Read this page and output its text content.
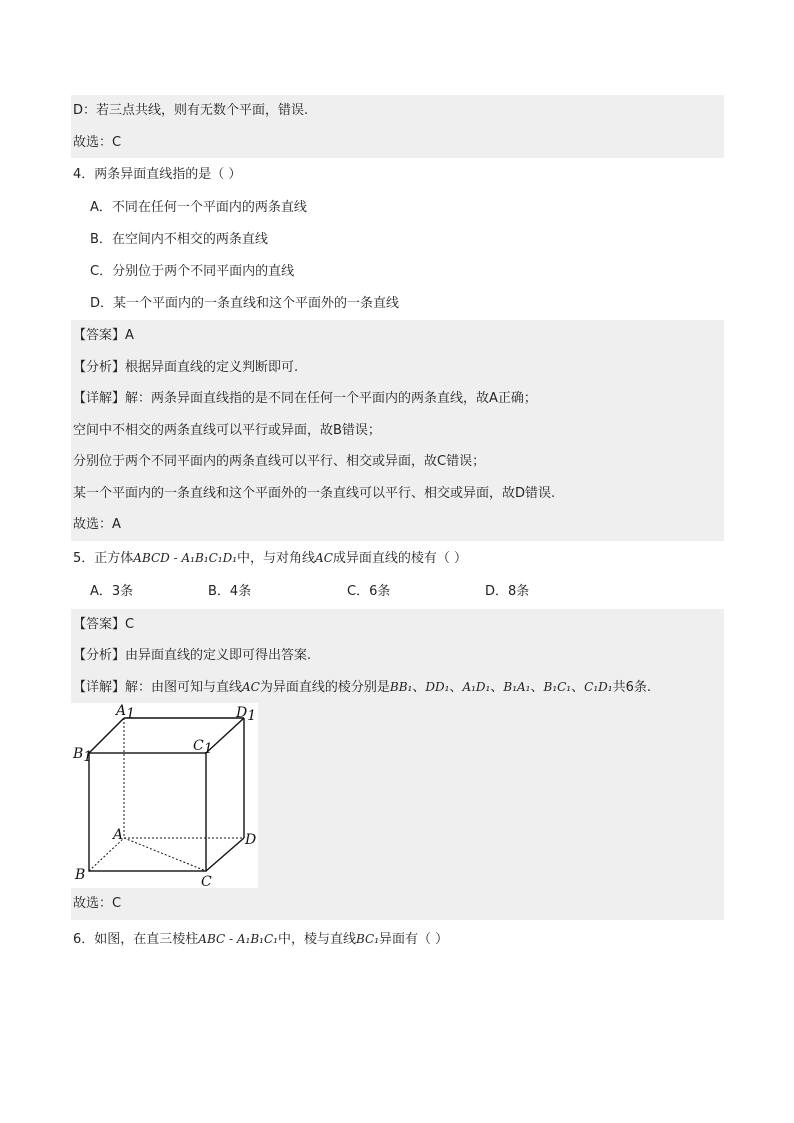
D：若三点共线，则有无数个平面，错误.
故选：C
4．两条异面直线指的是（ ）
A．不同在任何一个平面内的两条直线
B．在空间内不相交的两条直线
C．分别位于两个不同平面内的直线
D．某一个平面内的一条直线和这个平面外的一条直线
【答案】A
【分析】根据异面直线的定义判断即可.
【详解】解：两条异面直线指的是不同在任何一个平面内的两条直线，故A正确；
空间中不相交的两条直线可以平行或异面，故B错误；
分别位于两个不同平面内的两条直线可以平行、相交或异面，故C错误；
某一个平面内的一条直线和这个平面外的一条直线可以平行、相交或异面，故D错误.
故选：A
5．正方体ABCD - A₁B₁C₁D₁中，与对角线AC成异面直线的棱有（ ）
A．3条	B．4条	C．6条	D．8条
【答案】C
【分析】由异面直线的定义即可得出答案.
【详解】解：由图可知与直线AC为异面直线的棱分别是BB₁、DD₁、A₁D₁、B₁A₁、B₁C₁、C₁D₁共6条.
A1	D1
B1
C1
A	D
B	C
故选：C
6．如图，在直三棱柱ABC - A₁B₁C₁中，棱与直线BC₁异面有（ ）
